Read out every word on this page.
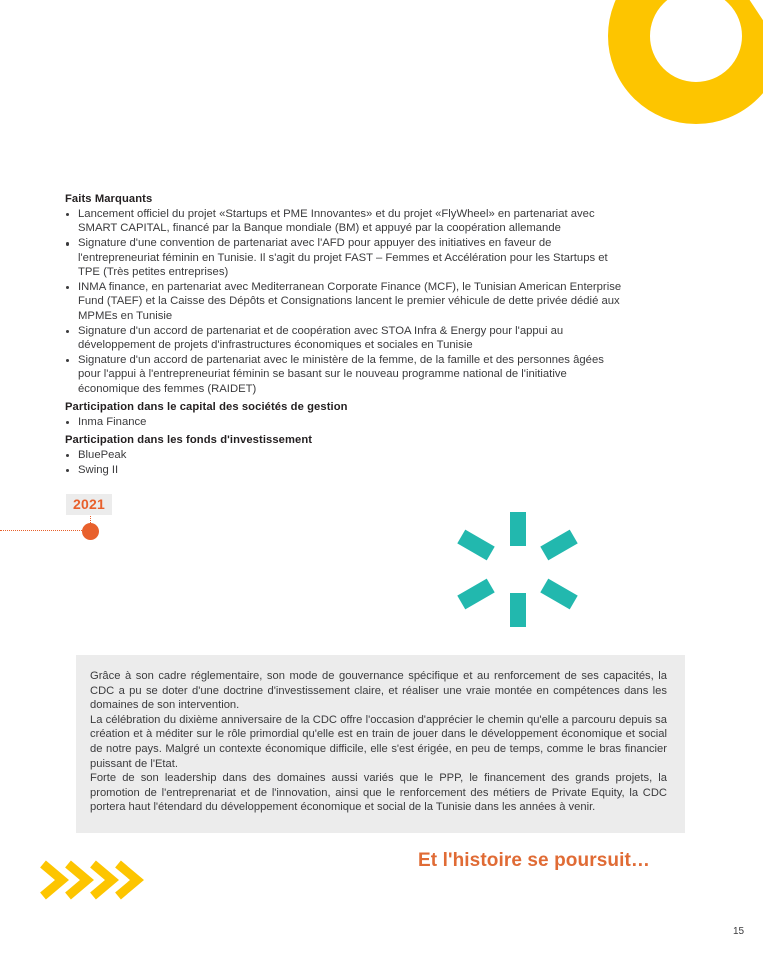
Faits Marquants
Lancement officiel du projet «Startups et PME Innovantes» et du projet «FlyWheel» en partenariat avec SMART CAPITAL, financé par la Banque mondiale (BM) et appuyé par la coopération allemande
Signature d'une convention de partenariat avec l'AFD pour appuyer des initiatives en faveur de l'entrepreneuriat féminin en Tunisie. Il s'agit du projet FAST – Femmes et Accélération pour les Startups et TPE (Très petites entreprises)
INMA finance, en partenariat avec Mediterranean Corporate Finance (MCF), le Tunisian American Enterprise Fund (TAEF) et la Caisse des Dépôts et Consignations lancent le premier véhicule de dette privée dédié aux MPMEs en Tunisie
Signature d'un accord de partenariat et de coopération avec STOA Infra & Energy pour l'appui au développement de projets d'infrastructures économiques et sociales en Tunisie
Signature d'un accord de partenariat avec le ministère de la femme, de la famille et des personnes âgées pour l'appui à l'entrepreneuriat féminin se basant sur le nouveau programme national de l'initiative économique des femmes (RAIDET)
Participation dans le capital des sociétés de gestion
Inma Finance
Participation dans les fonds d'investissement
BluePeak
Swing II
2021

Grâce à son cadre réglementaire, son mode de gouvernance spécifique et au renforcement de ses capacités, la CDC a pu se doter d'une doctrine d'investissement claire, et réaliser une vraie montée en compétences dans les domaines de son intervention.

La célébration du dixième anniversaire de la CDC offre l'occasion d'apprécier le chemin qu'elle a parcouru depuis sa création et à méditer sur le rôle primordial qu'elle est en train de jouer dans le développement économique et social de notre pays. Malgré un contexte économique difficile, elle s'est érigée, en peu de temps, comme le bras financier puissant de l'Etat.

Forte de son leadership dans des domaines aussi variés que le PPP, le financement des grands projets, la promotion de l'entreprenariat et de l'innovation, ainsi que le renforcement des métiers de Private Equity, la CDC portera haut l'étendard du développement économique et social de la Tunisie dans les années à venir.

Et l'histoire se poursuit…
15
